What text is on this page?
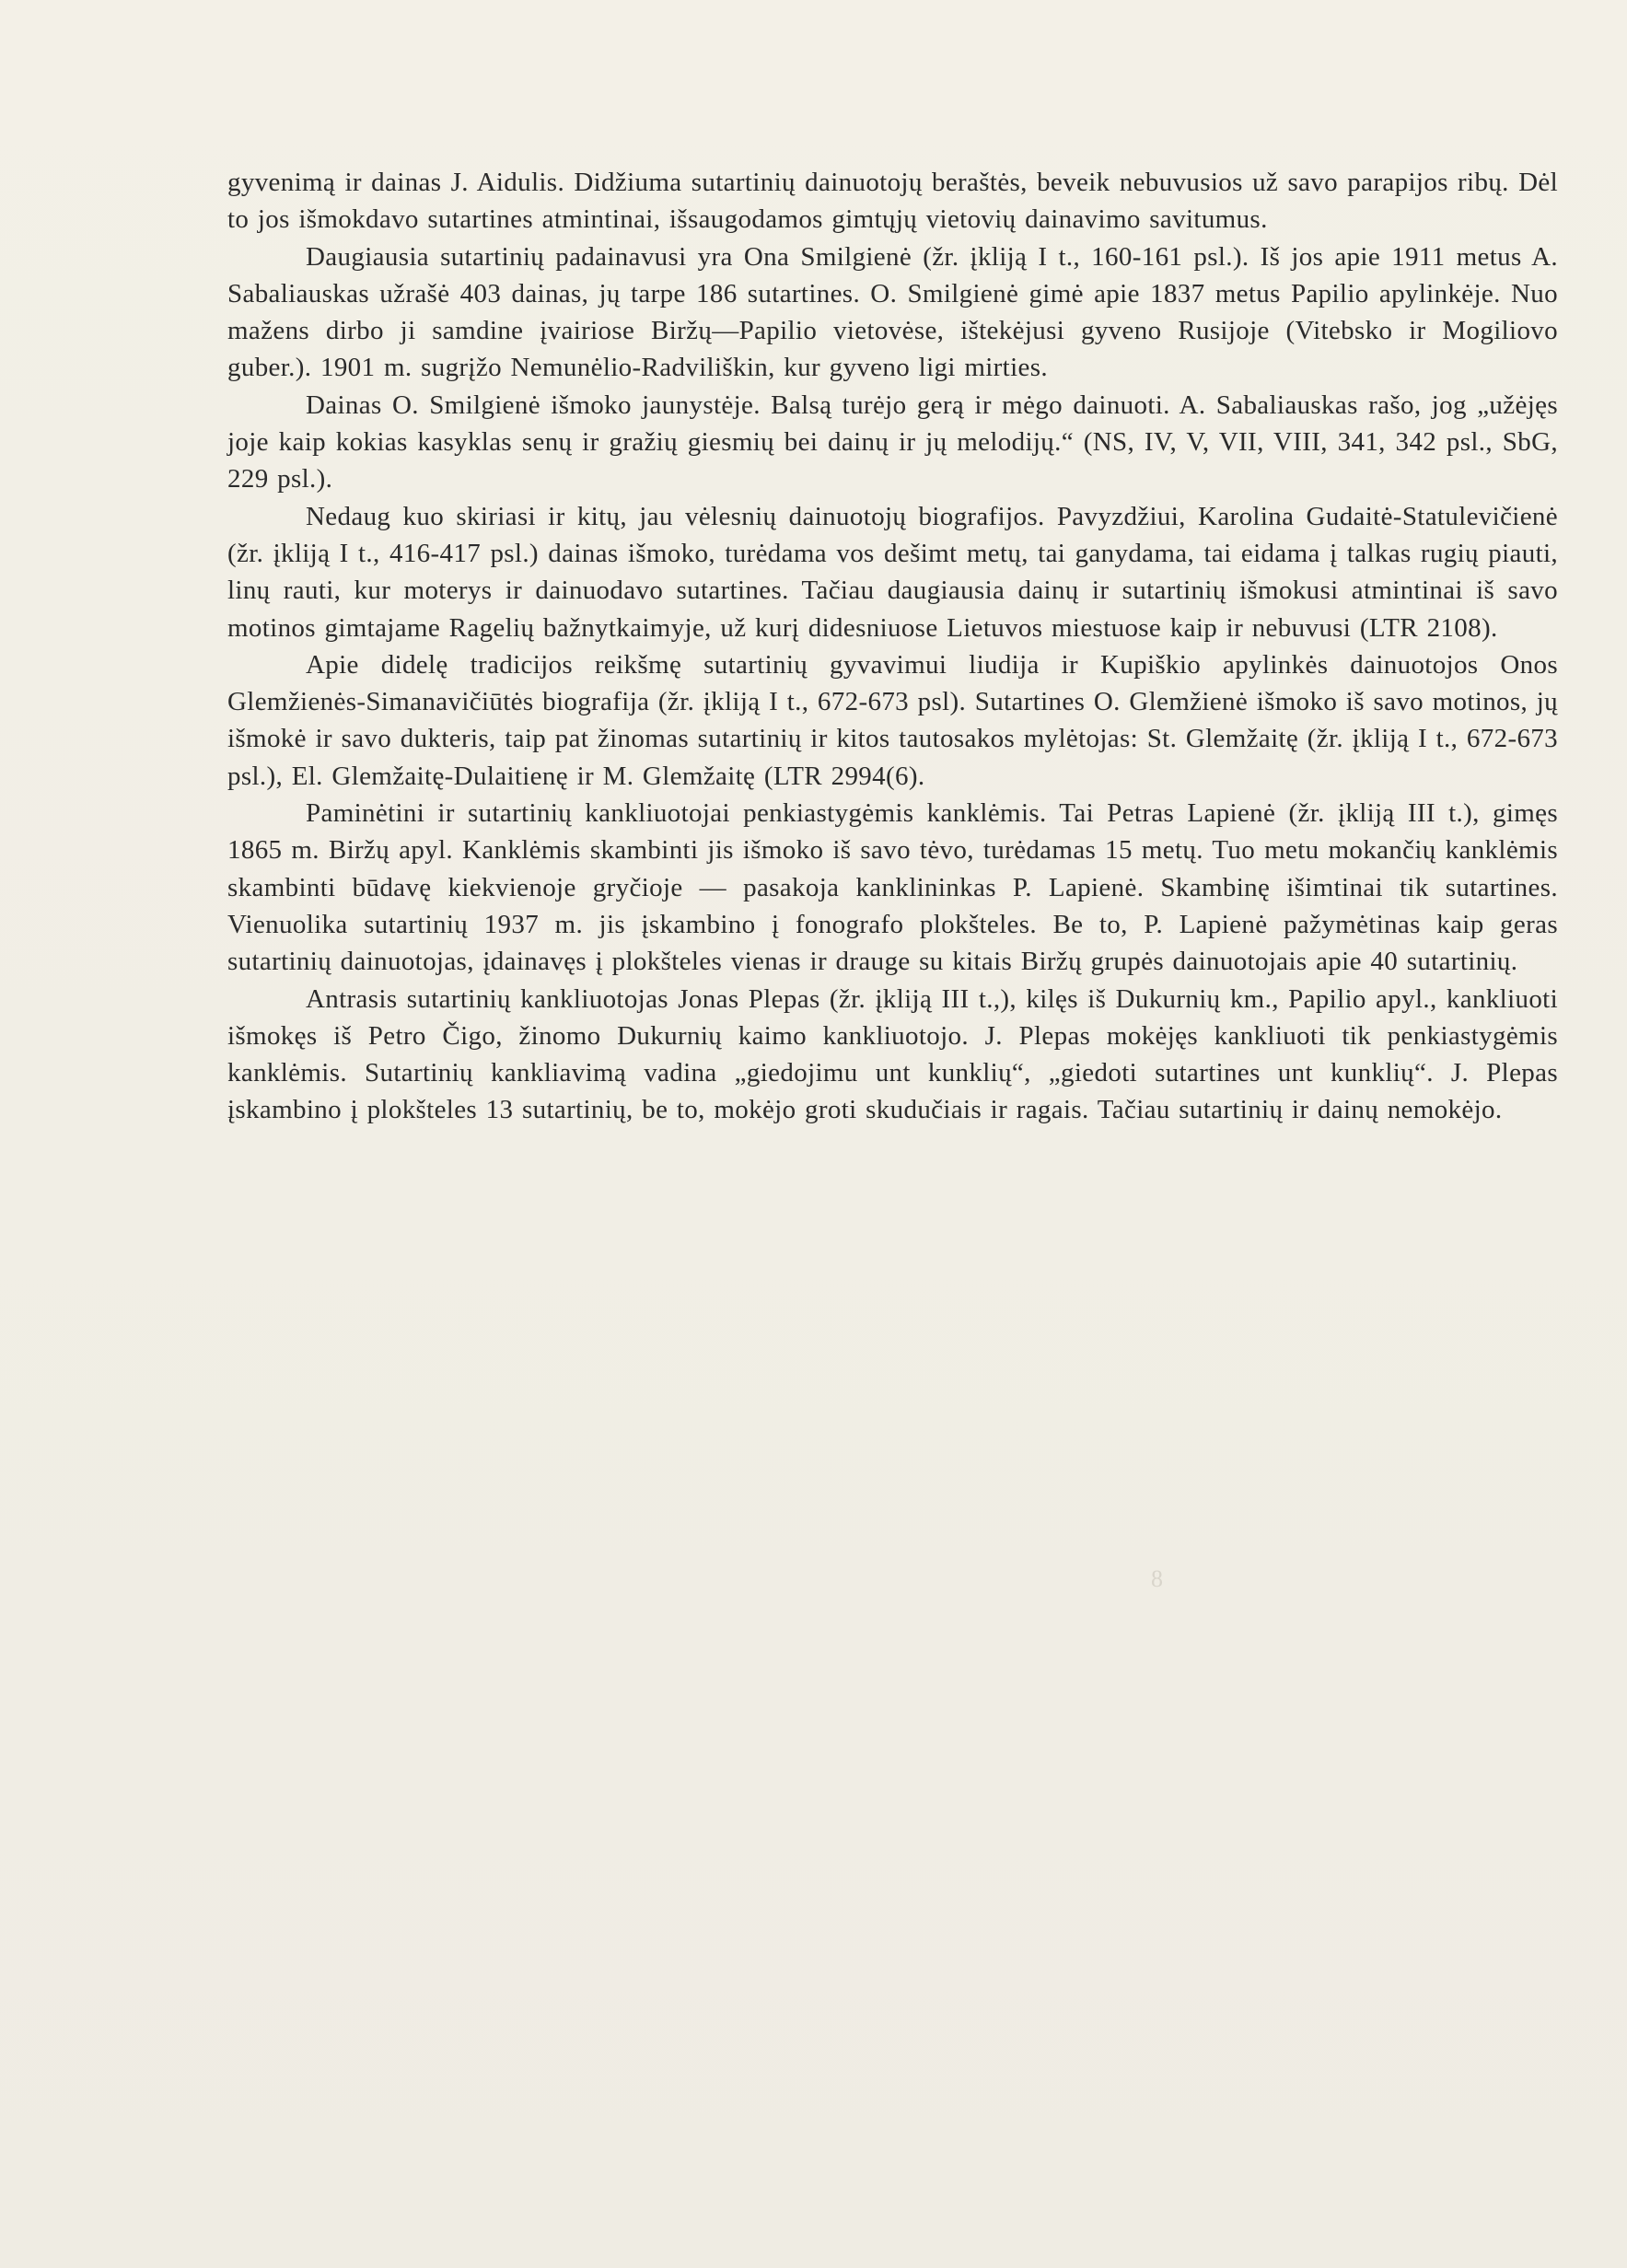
gyvenimą ir dainas J. Aidulis. Didžiuma sutartinių dainuotojų beraštės, beveik nebuvusios už savo parapijos ribų. Dėl to jos išmokdavo sutartines atmintinai, išsaugodamos gimtųjų vietovių dainavimo savitumus.

Daugiausia sutartinių padainavusi yra Ona Smilgienė (žr. įkliją I t., 160-161 psl.). Iš jos apie 1911 metus A. Sabaliauskas užrašė 403 dainas, jų tarpe 186 sutartines. O. Smilgienė gimė apie 1837 metus Papilio apylinkėje. Nuo mažens dirbo ji samdine įvairiose Biržų—Papilio vietovėse, ištekėjusi gyveno Rusijoje (Vitebsko ir Mogiliovo guber.). 1901 m. sugrįžo Nemunėlio-Radviliškin, kur gyveno ligi mirties.

Dainas O. Smilgienė išmoko jaunystėje. Balsą turėjo gerą ir mėgo dainuoti. A. Sabaliauskas rašo, jog „užėjęs joje kaip kokias kasyklas senų ir gražių giesmių bei dainų ir jų melodijų.“ (NS, IV, V, VII, VIII, 341, 342 psl., SbG, 229 psl.).

Nedaug kuo skiriasi ir kitų, jau vėlesnių dainuotojų biografijos. Pavyzdžiui, Karolina Gudaitė-Statulevičienė (žr. įkliją I t., 416-417 psl.) dainas išmoko, turėdama vos dešimt metų, tai ganydama, tai eidama į talkas rugių piauti, linų rauti, kur moterys ir dainuodavo sutartines. Tačiau daugiausia dainų ir sutartinių išmokusi atmintinai iš savo motinos gimtajame Ragelių bažnytkaimyje, už kurį didesniuose Lietuvos miestuose kaip ir nebuvusi (LTR 2108).

Apie didelę tradicijos reikšmę sutartinių gyvavimui liudija ir Kupiškio apylinkės dainuotojos Onos Glemžienės-Simanavičiūtės biografija (žr. įkliją I t., 672-673 psl). Sutartines O. Glemžienė išmoko iš savo motinos, jų išmokė ir savo dukteris, taip pat žinomas sutartinių ir kitos tautosakos mylėtojas: St. Glemžaitę (žr. įkliją I t., 672-673 psl.), El. Glemžaitę-Dulaitienę ir M. Glemžaitę (LTR 2994(6).

Paminėtini ir sutartinių kankliuotojai penkiastygėmis kanklėmis. Tai Petras Lapienė (žr. įkliją III t.), gimęs 1865 m. Biržų apyl. Kanklėmis skambinti jis išmoko iš savo tėvo, turėdamas 15 metų. Tuo metu mokančių kanklėmis skambinti būdavę kiekvienoje gryčioje — pasakoja kanklininkas P. Lapienė. Skambinę išimtinai tik sutartines. Vienuolika sutartinių 1937 m. jis įskambino į fonografo plokšteles. Be to, P. Lapienė pažymėtinas kaip geras sutartinių dainuotojas, įdainavęs į plokšteles vienas ir drauge su kitais Biržų grupės dainuotojais apie 40 sutartinių.

Antrasis sutartinių kankliuotojas Jonas Plepas (žr. įkliją III t.,), kilęs iš Dukurnių km., Papilio apyl., kankliuoti išmokęs iš Petro Čigo, žinomo Dukurnių kaimo kankliuotojo. J. Plepas mokėjęs kankliuoti tik penkiastygėmis kanklėmis. Sutartinių kankliavimą vadina „giedojimu unt kunklių“, „giedoti sutartines unt kunklių“. J. Plepas įskambino į plokšteles 13 sutartinių, be to, mokėjo groti skudučiais ir ragais. Tačiau sutartinių ir dainų nemokėjo.

8
